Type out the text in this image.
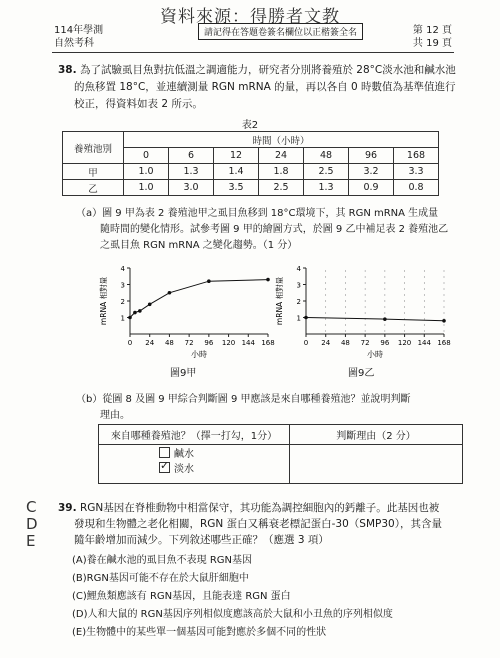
資料來源：得勝者文教
114年學測
自然考科
請記得在答題卷簽名欄位以正楷簽全名	第 12 頁
共 19 頁
38. 為了試驗虱目魚對抗低溫之調適能力，研究者分別將養殖於 28°C淡水池和鹹水池
的魚移置 18°C，並連續測量 RGN mRNA 的量，再以各自 0 時數值為基準值進行
校正，得資料如表 2 所示。
表2
養殖池別	時間（小時）						
	0	6	12	24	48	96	168
甲	1.0	1.3	1.4	1.8	2.5	3.2	3.3
乙	1.0	3.0	3.5	2.5	1.3	0.9	0.8
（a）圖 9 甲為表 2 養殖池甲之虱目魚移到 18°C環境下，其 RGN mRNA 生成量
隨時間的變化情形。試參考圖 9 甲的繪圖方式，於圖 9 乙中補足表 2 養殖池乙
之虱目魚 RGN mRNA 之變化趨勢。（1 分）
1
2
3
4
0 24 48 72 96 120 144 168
mRNA 相對量
小時
1
2
3
4
0 24 48 72 96 120 144 168
mRNA 相對量
小時
圖9甲	圖9乙
（b）從圖 8 及圖 9 甲綜合判斷圖 9 甲應該是來自哪種養殖池？並說明判斷
理由。
來自哪種養殖池？（擇一打勾，1分）	判斷理由（2 分）

鹹水
✓淡水

C
D
E
39. RGN基因在脊椎動物中相當保守，其功能為調控細胞內的鈣離子。此基因也被
發現和生物體之老化相關，RGN 蛋白又稱衰老標記蛋白-30（SMP30），其含量
隨年齡增加而減少。下列敘述哪些正確？（應選 3 項）
(A)養在鹹水池的虱目魚不表現 RGN基因
(B)RGN基因可能不存在於大鼠肝細胞中
(C)鯉魚類應該有 RGN基因，且能表達 RGN 蛋白
(D)人和大鼠的 RGN基因序列相似度應該高於大鼠和小丑魚的序列相似度
(E)生物體中的某些單一個基因可能對應於多個不同的性狀
